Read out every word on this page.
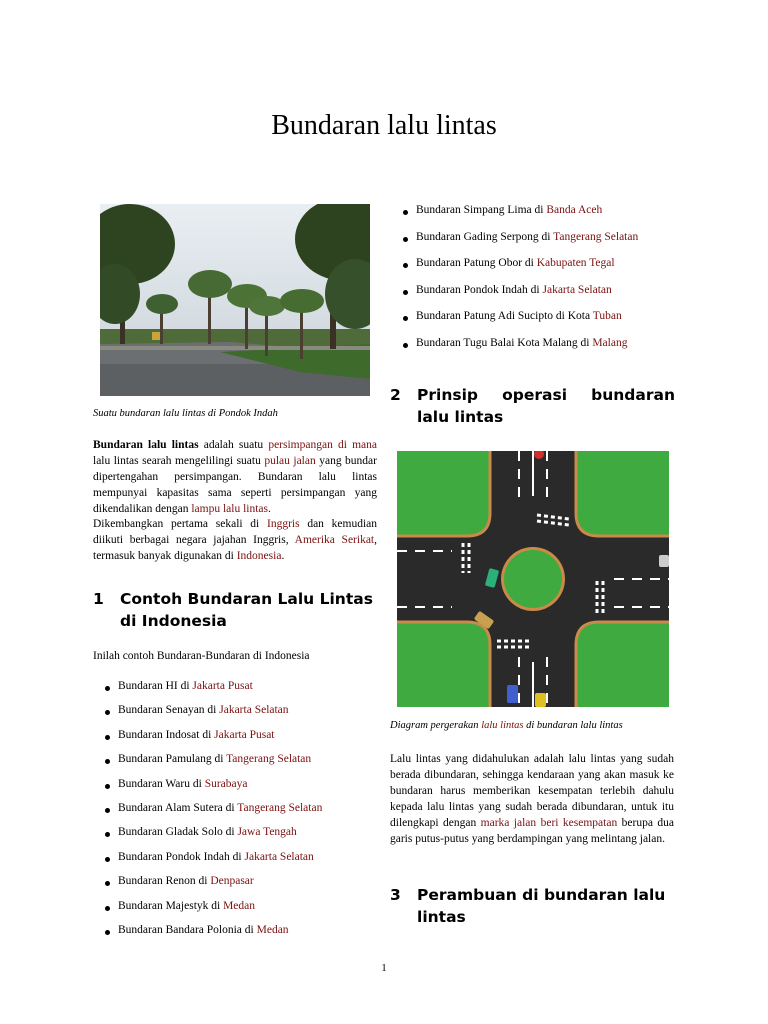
Bundaran lalu lintas
Suatu bundaran lalu lintas di Pondok Indah
Bundaran lalu lintas adalah suatu persimpangan di mana lalu lintas searah mengelilingi suatu pulau jalan yang bundar dipertengahan persimpangan. Bundaran lalu lintas mempunyai kapasitas sama seperti persimpangan yang dikendalikan dengan lampu lalu lintas.
Dikembangkan pertama sekali di Inggris dan kemudian diikuti berbagai negara jajahan Inggris, Amerika Serikat, termasuk banyak digunakan di Indonesia.
1 Contoh Bundaran Lalu Lintas di Indonesia
Inilah contoh Bundaran-Bundaran di Indonesia
Bundaran HI di Jakarta Pusat
Bundaran Senayan di Jakarta Selatan
Bundaran Indosat di Jakarta Pusat
Bundaran Pamulang di Tangerang Selatan
Bundaran Waru di Surabaya
Bundaran Alam Sutera di Tangerang Selatan
Bundaran Gladak Solo di Jawa Tengah
Bundaran Pondok Indah di Jakarta Selatan
Bundaran Renon di Denpasar
Bundaran Majestyk di Medan
Bundaran Bandara Polonia di Medan
Bundaran Simpang Lima di Banda Aceh
Bundaran Gading Serpong di Tangerang Selatan
Bundaran Patung Obor di Kabupaten Tegal
Bundaran Pondok Indah di Jakarta Selatan
Bundaran Patung Adi Sucipto di Kota Tuban
Bundaran Tugu Balai Kota Malang di Malang
2 Prinsip operasi bundaran lalu lintas
Diagram pergerakan lalu lintas di bundaran lalu lintas
Lalu lintas yang didahulukan adalah lalu lintas yang sudah berada dibundaran, sehingga kendaraan yang akan masuk ke bundaran harus memberikan kesempatan terlebih dahulu kepada lalu lintas yang sudah berada dibundaran, untuk itu dilengkapi dengan marka jalan beri kesempatan berupa dua garis putus-putus yang berdampingan yang melintang jalan.
3 Perambuan di bundaran lalu lintas
1
